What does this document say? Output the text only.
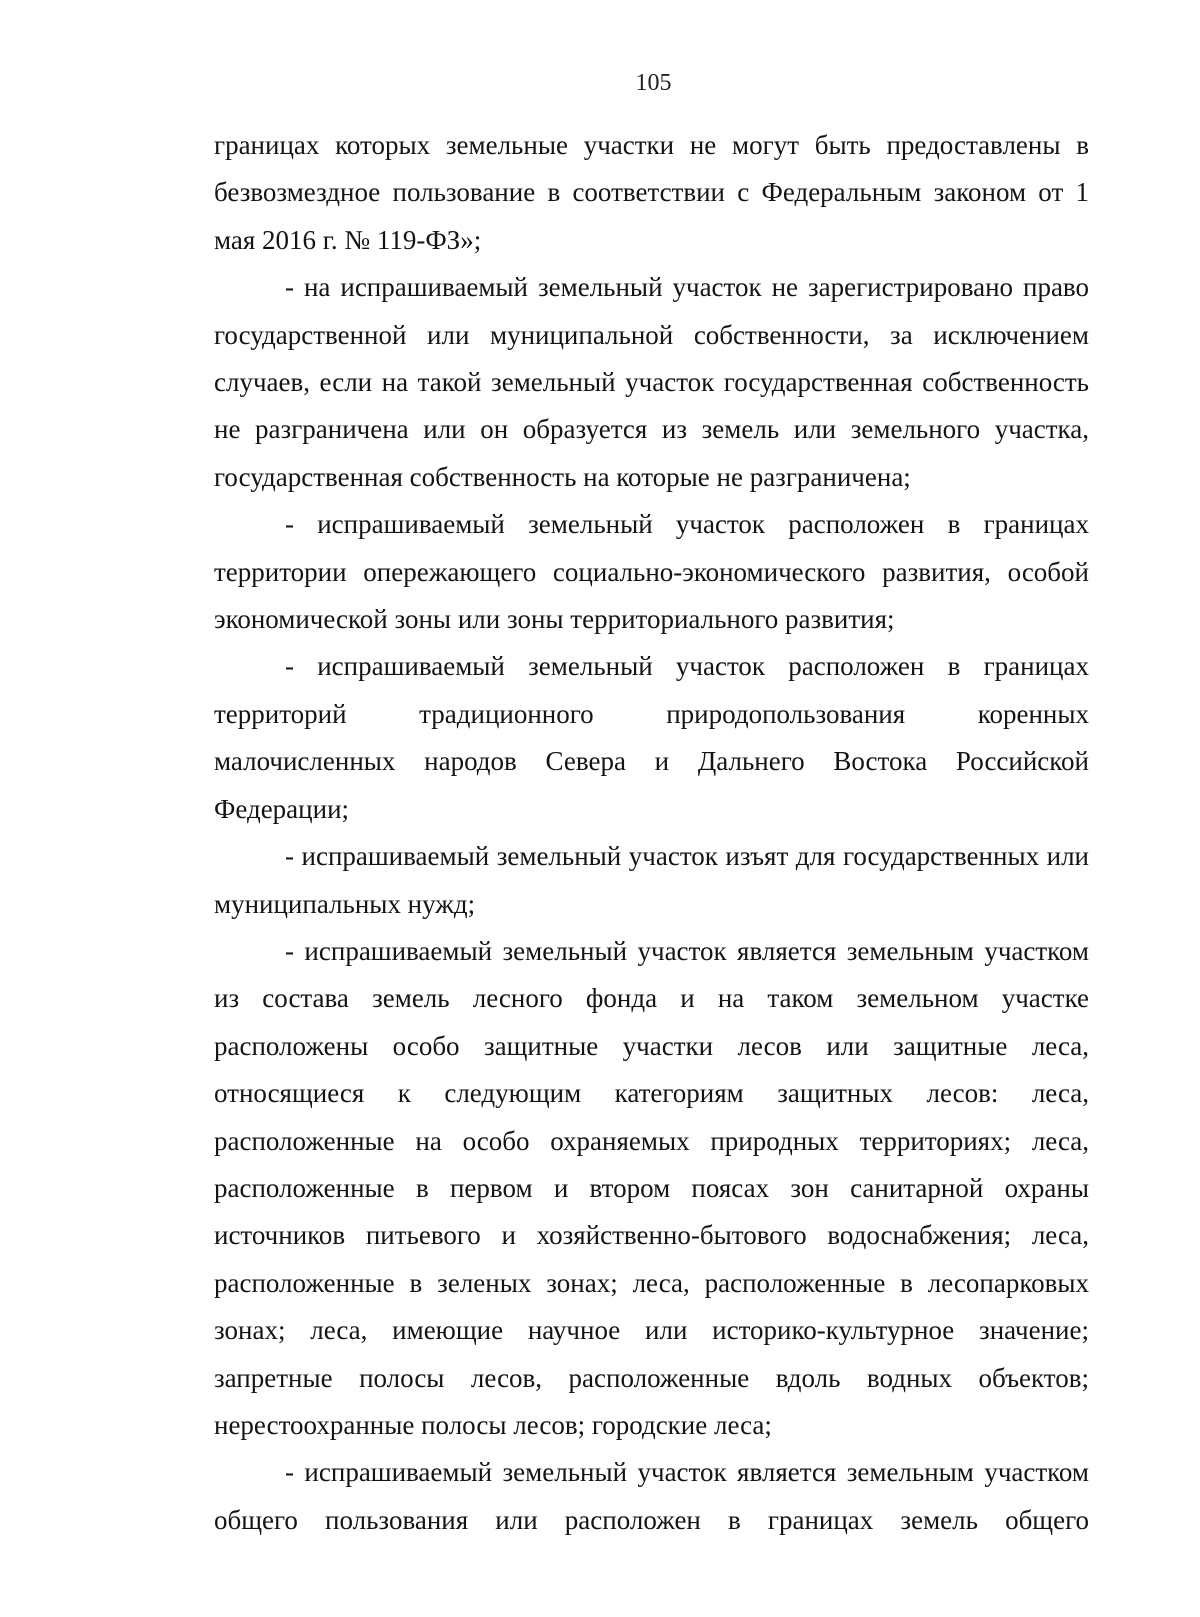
105
границах которых земельные участки не могут быть предоставлены в
безвозмездное пользование в соответствии с Федеральным законом от 1
мая 2016 г. № 119-ФЗ»;
- на испрашиваемый земельный участок не зарегистрировано право
государственной или муниципальной собственности, за исключением
случаев, если на такой земельный участок государственная собственность
не разграничена или он образуется из земель или земельного участка,
государственная собственность на которые не разграничена;
- испрашиваемый земельный участок расположен в границах
территории опережающего социально-экономического развития, особой
экономической зоны или зоны территориального развития;
- испрашиваемый земельный участок расположен в границах
территорий традиционного природопользования коренных
малочисленных народов Севера и Дальнего Востока Российской
Федерации;
- испрашиваемый земельный участок изъят для государственных или
муниципальных нужд;
- испрашиваемый земельный участок является земельным участком
из состава земель лесного фонда и на таком земельном участке
расположены особо защитные участки лесов или защитные леса,
относящиеся к следующим категориям защитных лесов: леса,
расположенные на особо охраняемых природных территориях; леса,
расположенные в первом и втором поясах зон санитарной охраны
источников питьевого и хозяйственно-бытового водоснабжения; леса,
расположенные в зеленых зонах; леса, расположенные в лесопарковых
зонах; леса, имеющие научное или историко-культурное значение;
запретные полосы лесов, расположенные вдоль водных объектов;
нерестоохранные полосы лесов; городские леса;
- испрашиваемый земельный участок является земельным участком
общего пользования или расположен в границах земель общего
